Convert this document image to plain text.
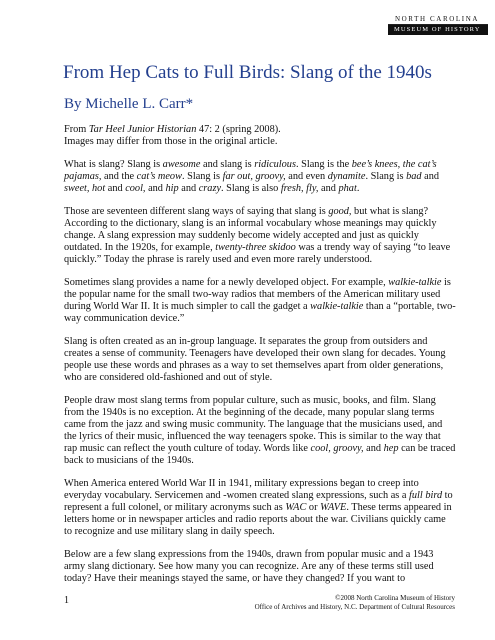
NORTH CAROLINA
MUSEUM OF HISTORY
From Hep Cats to Full Birds: Slang of the 1940s
By Michelle L. Carr*

From Tar Heel Junior Historian 47: 2 (spring 2008).
Images may differ from those in the original article.

What is slang? Slang is awesome and slang is ridiculous. Slang is the bee’s knees, the cat’s pajamas, and the cat’s meow. Slang is far out, groovy, and even dynamite. Slang is bad and sweet, hot and cool, and hip and crazy. Slang is also fresh, fly, and phat.

Those are seventeen different slang ways of saying that slang is good, but what is slang? According to the dictionary, slang is an informal vocabulary whose meanings may quickly change. A slang expression may suddenly become widely accepted and just as quickly outdated. In the 1920s, for example, twenty-three skidoo was a trendy way of saying “to leave quickly.” Today the phrase is rarely used and even more rarely understood.

Sometimes slang provides a name for a newly developed object. For example, walkie-talkie is the popular name for the small two-way radios that members of the American military used during World War II. It is much simpler to call the gadget a walkie-talkie than a “portable, two-way communication device.”

Slang is often created as an in-group language. It separates the group from outsiders and creates a sense of community. Teenagers have developed their own slang for decades. Young people use these words and phrases as a way to set themselves apart from older generations, who are considered old-fashioned and out of style.

People draw most slang terms from popular culture, such as music, books, and film. Slang from the 1940s is no exception. At the beginning of the decade, many popular slang terms came from the jazz and swing music community. The language that the musicians used, and the lyrics of their music, influenced the way teenagers spoke. This is similar to the way that rap music can reflect the youth culture of today. Words like cool, groovy, and hep can be traced back to musicians of the 1940s.

When America entered World War II in 1941, military expressions began to creep into everyday vocabulary. Servicemen and -women created slang expressions, such as a full bird to represent a full colonel, or military acronyms such as WAC or WAVE. These terms appeared in letters home or in newspaper articles and radio reports about the war. Civilians quickly came to recognize and use military slang in daily speech.

Below are a few slang expressions from the 1940s, drawn from popular music and a 1943 army slang dictionary. See how many you can recognize. Are any of these terms still used today? Have their meanings stayed the same, or have they changed? If you want to

1	©2008 North Carolina Museum of History
Office of Archives and History, N.C. Department of Cultural Resources
